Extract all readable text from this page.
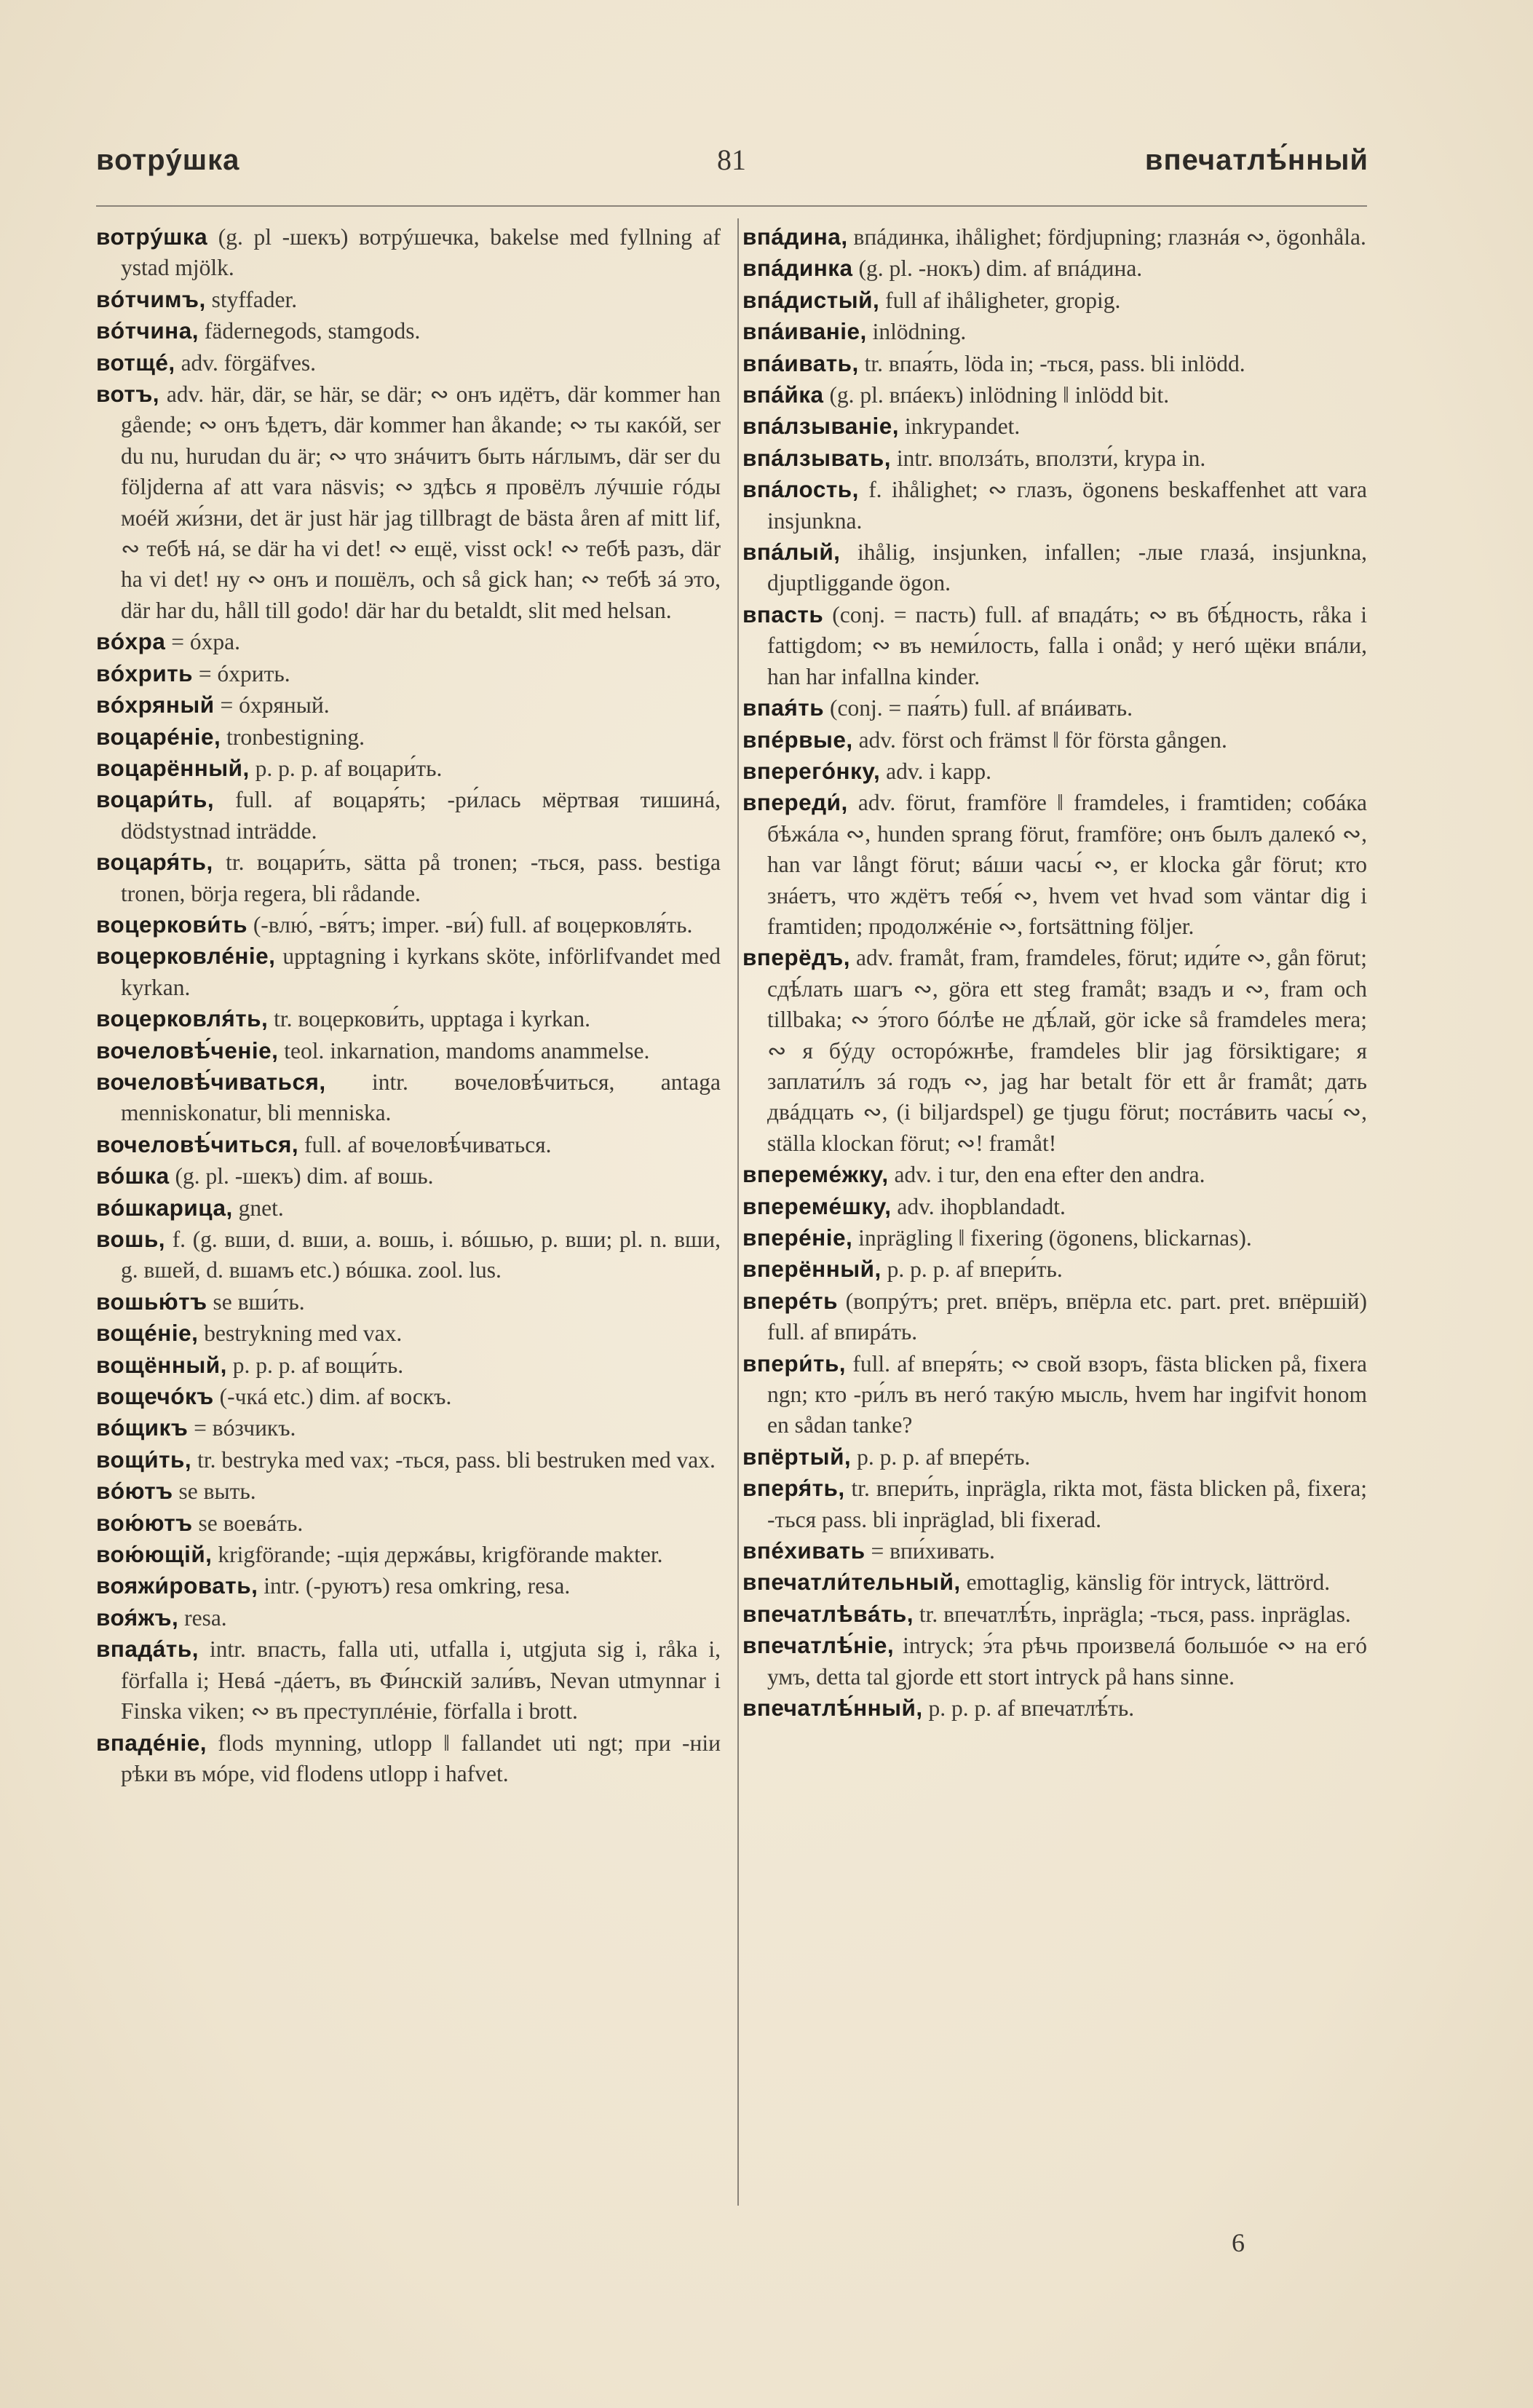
вотрýшка	81	впечатлѣ́нный

вотрýшка (g. pl -шекъ) вотрýшечка, bakelse med fyllning af ystad mjölk.

вóтчимъ, styffader.

вóтчина, fädernegods, stamgods.

вотщé, adv. förgäfves.

вотъ, adv. här, där, se här, se där; ∾ онъ идётъ, där kommer han gående; ∾ онъ ѣдетъ, där kommer han åkande; ∾ ты какóй, ser du nu, hurudan du är; ∾ что знáчитъ быть нáглымъ, där ser du följderna af att vara näsvis; ∾ здѣсь я провёлъ лýчшіе гóды моéй жи́зни, det är just här jag tillbragt de bästa åren af mitt lif, ∾ тебѣ нá, se där ha vi det! ∾ ещё, visst ock! ∾ тебѣ разъ, där ha vi det! ну ∾ онъ и пошёлъ, och så gick han; ∾ тебѣ зá это, där har du, håll till godo! där har du betaldt, slit med helsan.

вóхра = óхра.

вóхрить = óхрить.

вóхряный = óхряный.

воцарéніе, tronbestigning.

воцарённый, p. p. p. af воцари́ть.

воцари́ть, full. af воцаря́ть; -ри́лась мёртвая тишинá, dödstystnad inträdde.

воцаря́ть, tr. воцари́ть, sätta på tronen; -ться, pass. bestiga tronen, börja regera, bli rådande.

воцеркови́ть (-влю́, -вя́тъ; imper. -ви́) full. af воцерковля́ть.

воцерковлéніе, upptagning i kyrkans sköte, införlifvandet med kyrkan.

воцерковля́ть, tr. воцеркови́ть, upptaga i kyrkan.

вочеловѣ́ченіе, teol. inkarnation, mandoms anammelse.

вочеловѣ́чиваться, intr. вочеловѣ́читься, antaga menniskonatur, bli menniska.

вочеловѣ́читься, full. af вочеловѣ́чиваться.

вóшка (g. pl. -шекъ) dim. af вошь.

вóшкарица, gnet.

вошь, f. (g. вши, d. вши, a. вошь, i. вóшью, p. вши; pl. n. вши, g. вшей, d. вшамъ etc.) вóшка. zool. lus.

вошью́тъ se вши́ть.

вощéніе, bestrykning med vax.

вощённый, p. p. p. af вощи́ть.

вощечóкъ (-чкá etc.) dim. af воскъ.

вóщикъ = вóзчикъ.

вощи́ть, tr. bestryka med vax; -ться, pass. bli bestruken med vax.

вóютъ se выть.

вою́ютъ se воевáть.

вою́ющій, krigförande; -щія держáвы, krigförande makter.

вояжи́ровать, intr. (-руютъ) resa omkring, resa.

воя́жъ, resa.

впадáть, intr. впасть, falla uti, utfalla i, utgjuta sig i, råka i, förfalla i; Невá -дáетъ, въ Фи́нскій зали́въ, Nevan utmynnar i Finska viken; ∾ въ преступлéніе, förfalla i brott.

впадéніе, flods mynning, utlopp ‖ fallandet uti ngt; при -ніи рѣки въ мóре, vid flodens utlopp i hafvet.

впáдина, впáдинка, ihålighet; fördjupning; глазнáя ∾, ögonhåla.

впáдинка (g. pl. -нокъ) dim. af впáдина.

впáдистый, full af ihåligheter, gropig.

впáиваніе, inlödning.

впáивать, tr. впая́ть, löda in; -ться, pass. bli inlödd.

впáйка (g. pl. впáекъ) inlödning ‖ inlödd bit.

впáлзываніе, inkrypandet.

впáлзывать, intr. вползáть, вползти́, krypa in.

впáлость, f. ihålighet; ∾ глазъ, ögonens beskaffenhet att vara insjunkna.

впáлый, ihålig, insjunken, infallen; -лые глазá, insjunkna, djuptliggande ögon.

впасть (conj. = пасть) full. af впадáть; ∾ въ бѣ́дность, råka i fattigdom; ∾ въ неми́лость, falla i onåd; у негó щёки впáли, han har infallna kinder.

впая́ть (conj. = пая́ть) full. af впáивать.

впéрвые, adv. först och främst ‖ för första gången.

вперегóнку, adv. i kapp.

впереди́, adv. förut, framföre ‖ framdeles, i framtiden; собáка бѣжáла ∾, hunden sprang förut, framföre; онъ былъ далекó ∾, han var långt förut; вáши часы́ ∾, er klocka går förut; кто знáетъ, что ждётъ тебя́ ∾, hvem vet hvad som väntar dig i framtiden; продолжéніе ∾, fortsättning följer.

вперёдъ, adv. framåt, fram, framdeles, förut; иди́те ∾, gån förut; сдѣ́лать шагъ ∾, göra ett steg framåt; взадъ и ∾, fram och tillbaka; ∾ э́того бóлѣе не дѣ́лай, gör icke så framdeles mera; ∾ я бýду осторóжнѣе, framdeles blir jag försiktigare; я заплати́лъ зá годъ ∾, jag har betalt för ett år framåt; дать двáдцать ∾, (i biljardspel) ge tjugu förut; постáвить часы́ ∾, ställa klockan förut; ∾! framåt!

впереме́жку, adv. i tur, den ena efter den andra.

впереме́шку, adv. ihopblandadt.

вперéніе, inprägling ‖ fixering (ögonens, blickarnas).

вперённый, p. p. p. af впери́ть.

вперéть (вопрýтъ; pret. впёръ, впёрла etc. part. pret. впёршій) full. af впирáть.

впери́ть, full. af вперя́ть; ∾ свой взоръ, fästa blicken på, fixera ngn; кто -ри́лъ въ негó такýю мысль, hvem har ingifvit honom en sådan tanke?

впёртый, p. p. p. af вперéть.

вперя́ть, tr. впери́ть, inprägla, rikta mot, fästa blicken på, fixera; -ться pass. bli inpräglad, bli fixerad.

впéхивать = впи́хивать.

впечатли́тельный, emottaglig, känslig för intryck, lättrörd.

впечатлѣвáть, tr. впечатлѣ́ть, inprägla; -ться, pass. inpräglas.

впечатлѣ́ніе, intryck; э́та рѣчь произвелá большóе ∾ на егó умъ, detta tal gjorde ett stort intryck på hans sinne.

впечатлѣ́нный, p. p. p. af впечатлѣ́ть.

6
